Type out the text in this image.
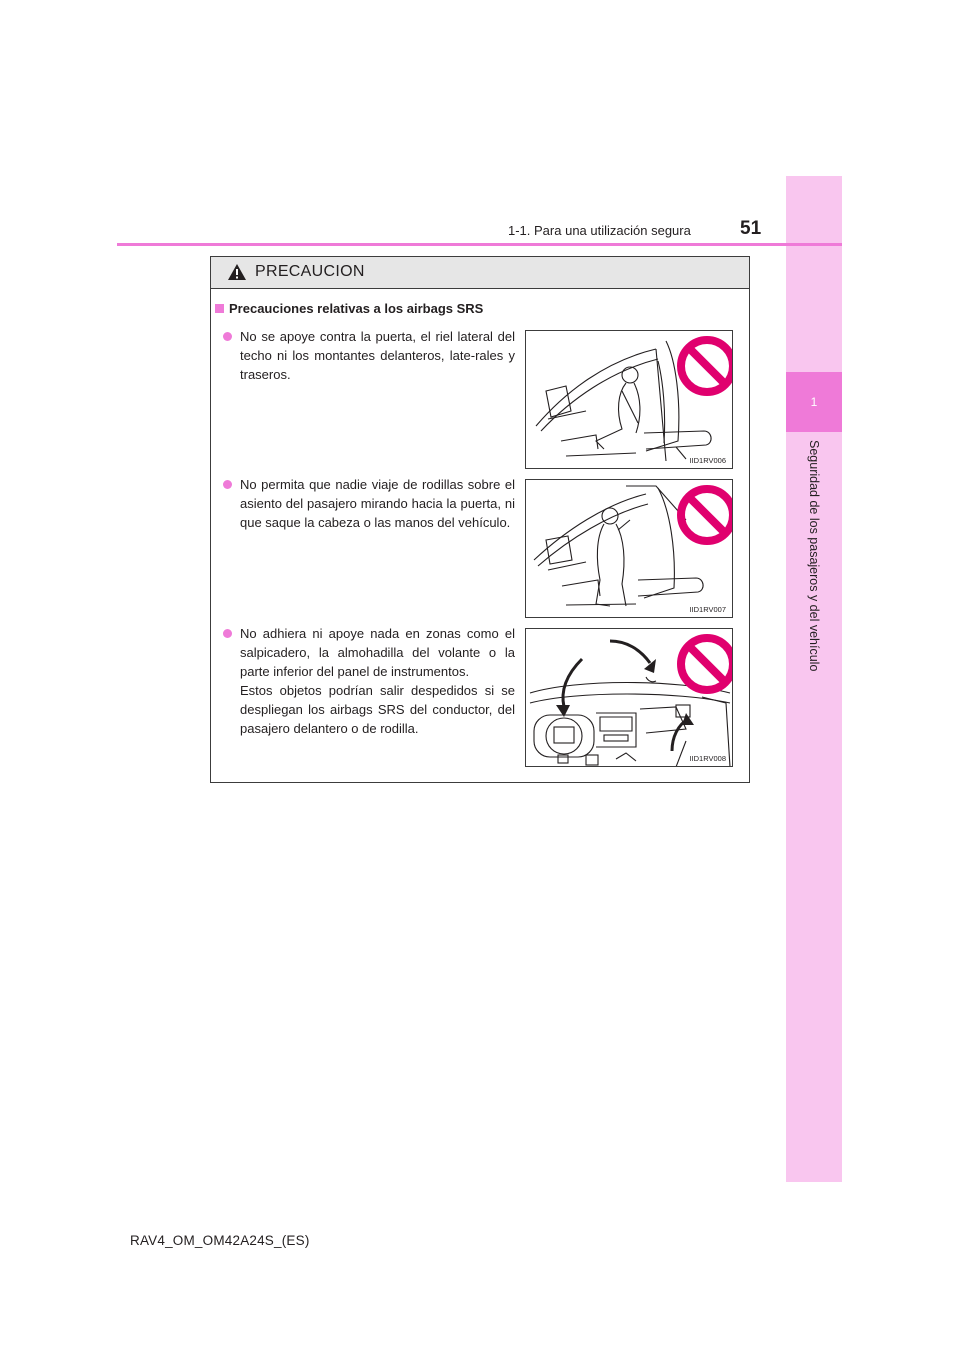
1
Seguridad de los pasajeros y del vehículo
1-1. Para una utilización segura	51
PRECAUCION
Precauciones relativas a los airbags SRS
No se apoye contra la puerta, el riel lateral del techo ni los montantes delanteros, late-rales y traseros.
IID1RV006
No permita que nadie viaje de rodillas sobre el asiento del pasajero mirando hacia la puerta, ni que saque la cabeza o las manos del vehículo.
IID1RV007
No adhiera ni apoye nada en zonas como el salpicadero, la almohadilla del volante o la parte inferior del panel de instrumentos.
Estos objetos podrían salir despedidos si se despliegan los airbags SRS del conductor, del pasajero delantero o de rodilla.
IID1RV008
RAV4_OM_OM42A24S_(ES)
